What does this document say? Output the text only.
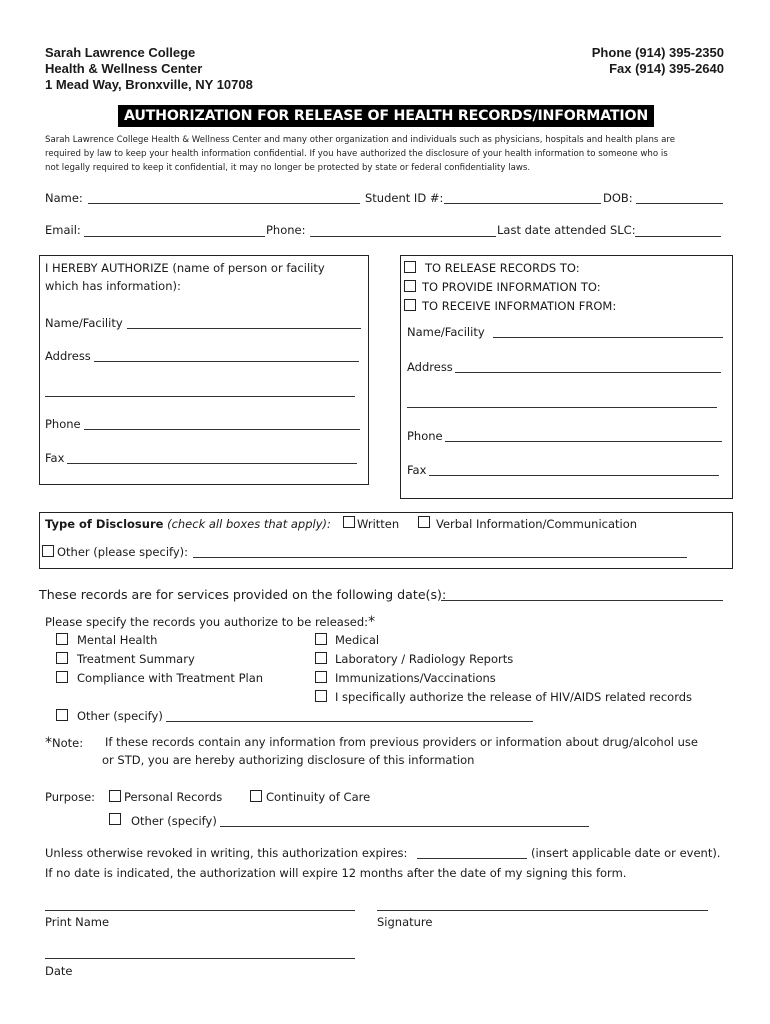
Sarah Lawrence College
Health & Wellness Center
1 Mead Way, Bronxville, NY 10708
Phone (914) 395-2350
Fax (914) 395-2640
AUTHORIZATION FOR RELEASE OF HEALTH RECORDS/INFORMATION
Sarah Lawrence College Health & Wellness Center and many other organization and individuals such as physicians, hospitals and health plans are
required by law to keep your health information confidential. If you have authorized the disclosure of your health information to someone who is
not legally required to keep it confidential, it may no longer be protected by state or federal confidentiality laws.
Name:	Student ID #:	DOB:
Email:	Phone:	Last date attended SLC:
I HEREBY AUTHORIZE (name of person or facility
which has information):
Name/Facility
Address
Phone
Fax
TO RELEASE RECORDS TO:
TO PROVIDE INFORMATION TO:
TO RECEIVE INFORMATION FROM:
Name/Facility
Address
Phone
Fax
Type of Disclosure (check all boxes that apply): Written	Verbal Information/Communication
Other (please specify):
These records are for services provided on the following date(s):
Please specify the records you authorize to be released:*
Mental Health
Treatment Summary
Compliance with Treatment Plan
Medical
Laboratory / Radiology Reports
Immunizations/Vaccinations
I specifically authorize the release of HIV/AIDS related records
Other (specify)
*Note: If these records contain any information from previous providers or information about drug/alcohol use
or STD, you are hereby authorizing disclosure of this information
Purpose:	Personal Records	Continuity of Care
Other (specify)
Unless otherwise revoked in writing, this authorization expires:	(insert applicable date or event).
If no date is indicated, the authorization will expire 12 months after the date of my signing this form.
Print Name	Signature
Date
